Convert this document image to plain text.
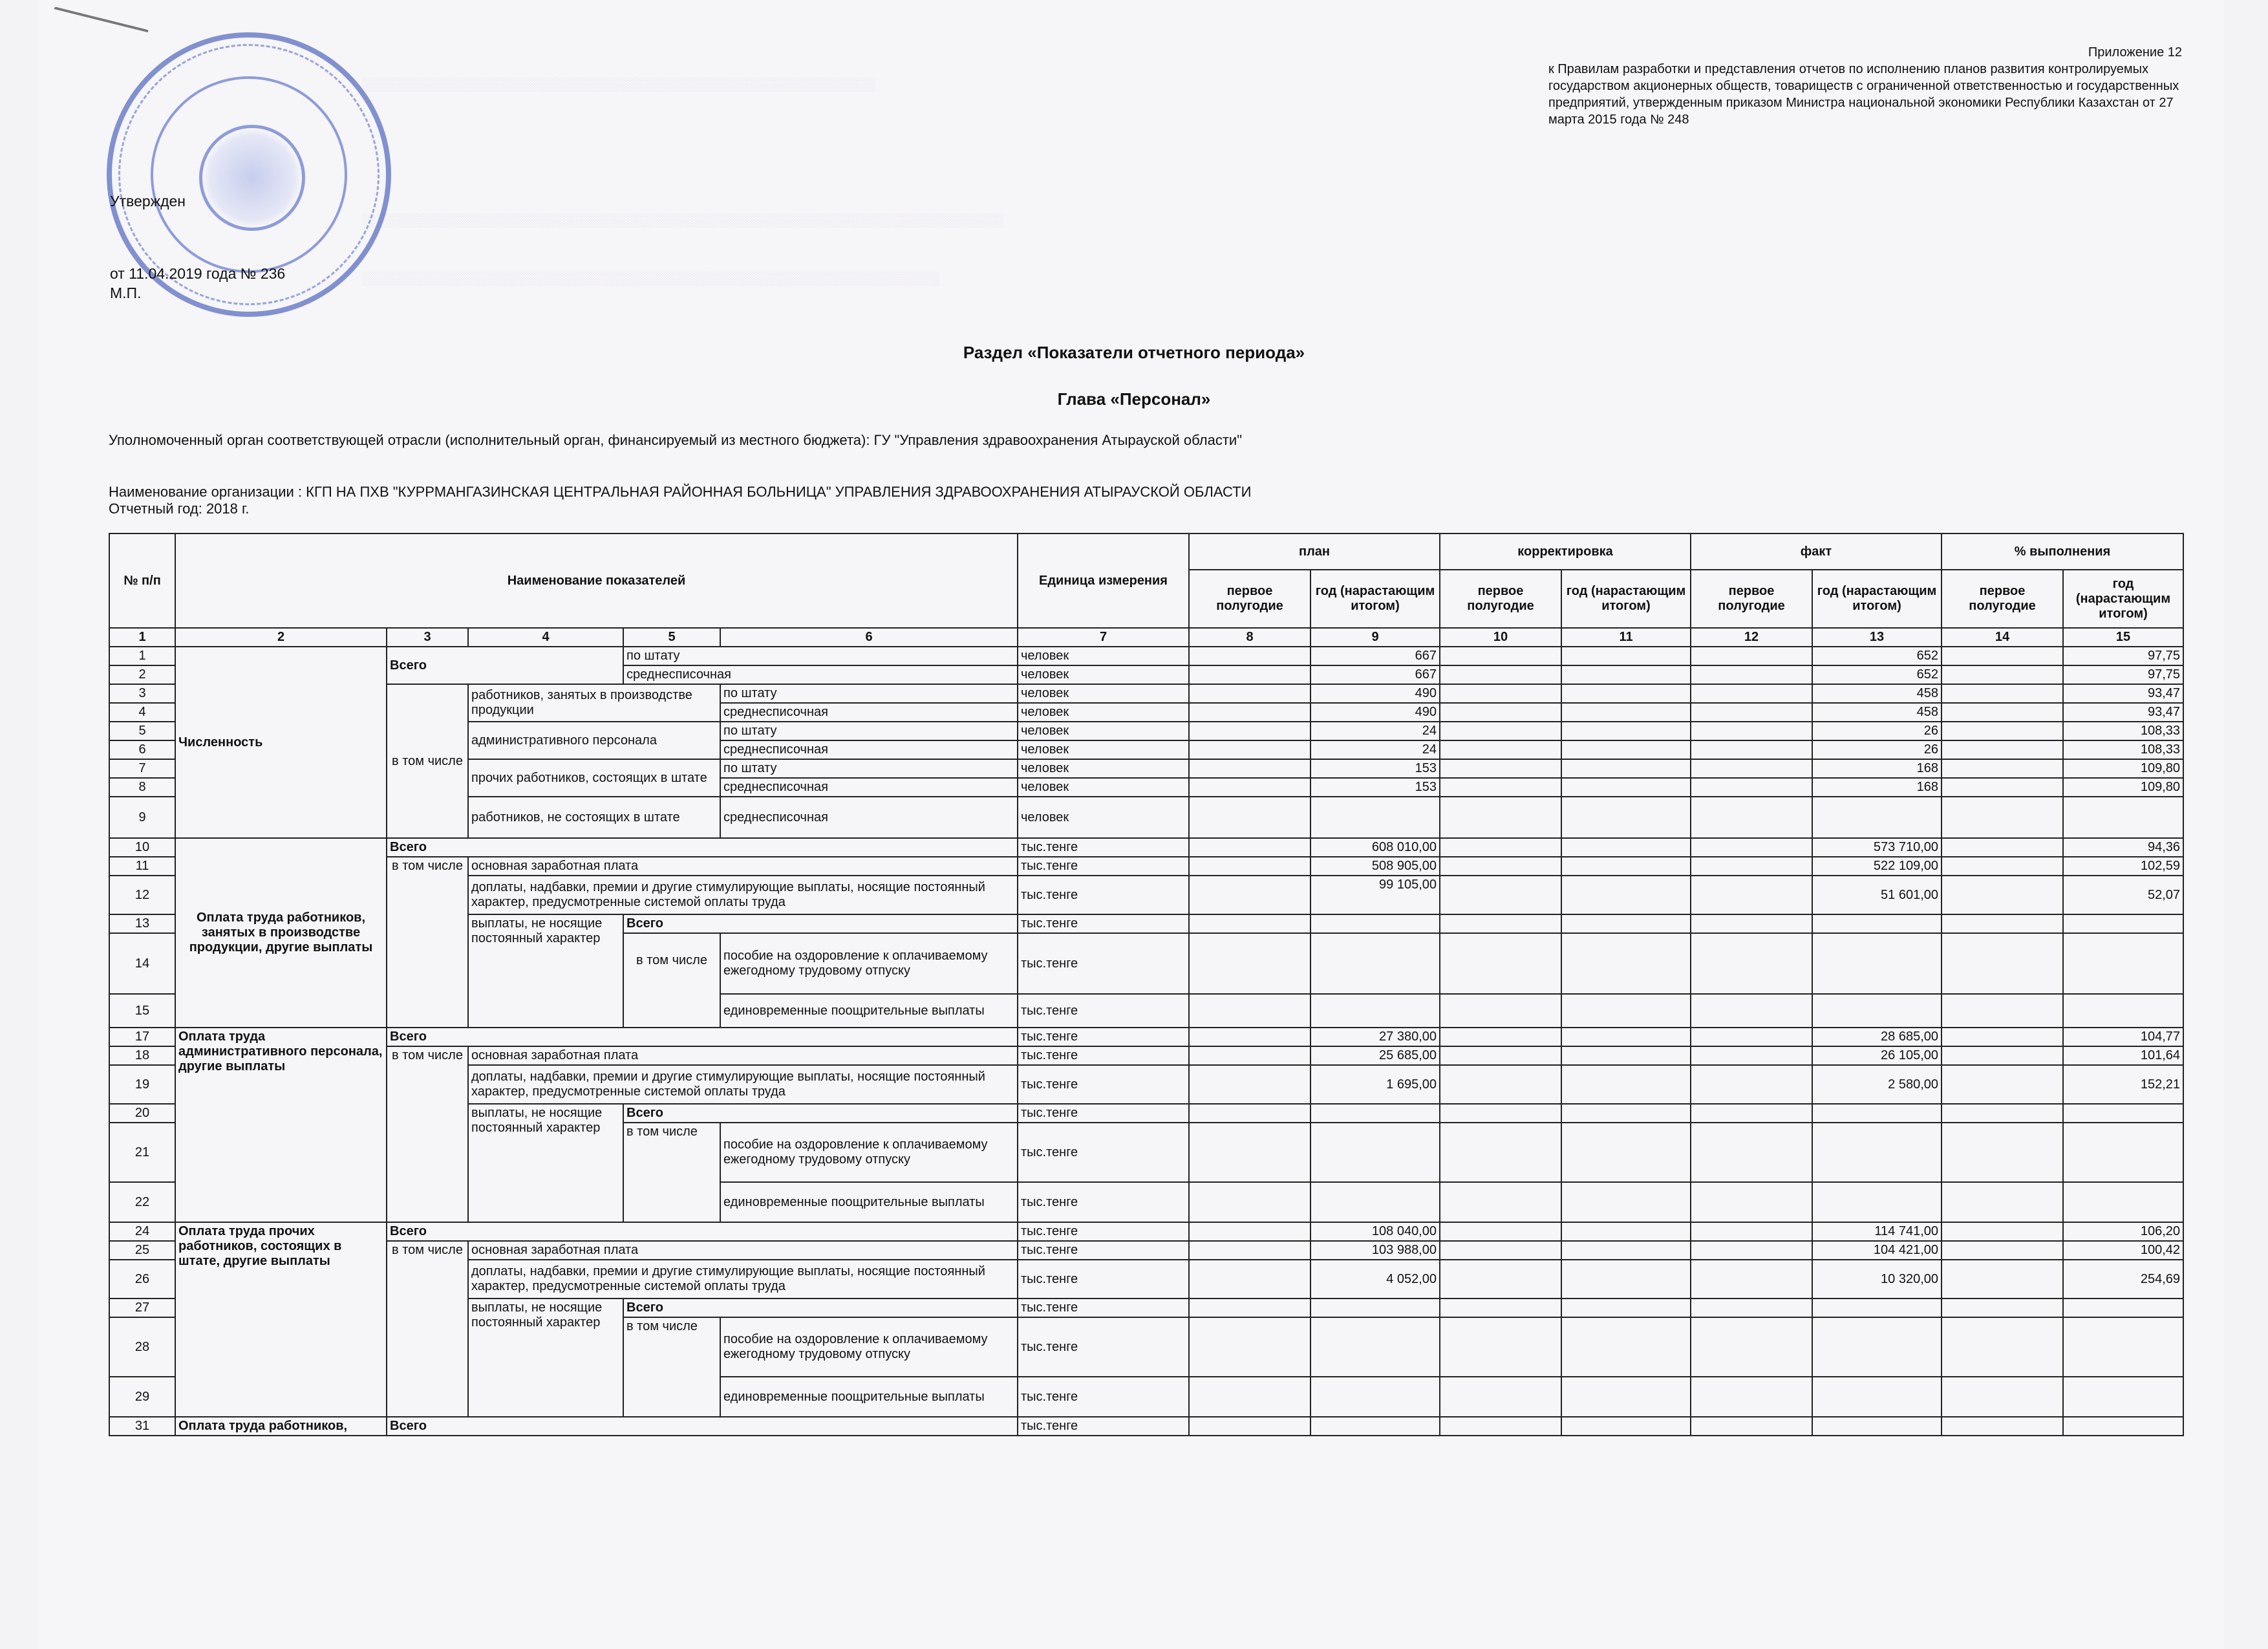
░░░░░░░░░░░░░░░░░░░░░░░░░░░░░░░░░░░░░░░░░░░░░░░░░░░░░░░░
░░░░░░░░░░░░░░░░░░░░░░░░░░░░░░░░░░░░░░░░░░░░░░░░░░░░░░░░░░░░░░░░░░░░░░
░░░░░░░░░░░░░░░░░░░░░░░░░░░░░░░░░░░░░░░░░░░░░░░░░░░░░░░░░░░░░░░
Утвержден
от 11.04.2019 года № 236
М.П.
Приложение 12
к Правилам разработки и представления отчетов по исполнению планов развития контролируемых государством акционерных обществ, товариществ с ограниченной ответственностью и государственных предприятий, утвержденным приказом Министра национальной экономики Республики Казахстан от 27 марта 2015 года № 248
Раздел «Показатели отчетного периода»
Глава «Персонал»
Уполномоченный орган соответствующей отрасли (исполнительный орган, финансируемый из местного бюджета): ГУ "Управления здравоохранения Атырауской области"
Наименование организации : КГП НА ПХВ "КУРРМАНГАЗИНСКАЯ ЦЕНТРАЛЬНАЯ РАЙОННАЯ БОЛЬНИЦА" УПРАВЛЕНИЯ ЗДРАВООХРАНЕНИЯ АТЫРАУСКОЙ ОБЛАСТИ
Отчетный год: 2018 г.
№ п/п	Наименование показателей					Единица измерения	план		корректировка		факт		% выполнения	
							первое полугодие	год (нарастающим итогом)	первое полугодие	год (нарастающим итогом)	первое полугодие	год (нарастающим итогом)	первое полугодие	год (нарастающим итогом)
1	2	3	4	5	6	7	8	9	10	11	12	13	14	15
1	Численность	Всего		по штату		человек		667				652		97,75
2				среднесписочная		человек		667				652		97,75
3		в том числе	работников, занятых в производстве продукции		по штату	человек		490				458		93,47
4					среднесписочная	человек		490				458		93,47
5			административного персонала		по штату	человек		24				26		108,33
6					среднесписочная	человек		24				26		108,33
7			прочих работников, состоящих в штате		по штату	человек		153				168		109,80
8					среднесписочная	человек		153				168		109,80
9			работников, не состоящих в штате		среднесписочная	человек								
10	Оплата труда работников, занятых в производстве продукции, другие выплаты	Всего				тыс.тенге		608 010,00				573 710,00		94,36
11		в том числе	основная заработная плата			тыс.тенге		508 905,00				522 109,00		102,59
12			доплаты, надбавки, премии и другие стимулирующие выплаты, носящие постоянный характер, предусмотренные системой оплаты труда			тыс.тенге		99 105,00				51 601,00		52,07
13			выплаты, не носящие постоянный характер	Всего		тыс.тенге								
14				в том числе	пособие на оздоровление к оплачиваемому ежегодному трудовому отпуску	тыс.тенге								
15					единовременные поощрительные выплаты	тыс.тенге								
17	Оплата труда административного персонала, другие выплаты	Всего				тыс.тенге		27 380,00				28 685,00		104,77
18		в том числе	основная заработная плата			тыс.тенге		25 685,00				26 105,00		101,64
19			доплаты, надбавки, премии и другие стимулирующие выплаты, носящие постоянный характер, предусмотренные системой оплаты труда			тыс.тенге		1 695,00				2 580,00		152,21
20			выплаты, не носящие постоянный характер	Всего		тыс.тенге								
21				в том числе	пособие на оздоровление к оплачиваемому ежегодному трудовому отпуску	тыс.тенге								
22					единовременные поощрительные выплаты	тыс.тенге								
24	Оплата труда прочих работников, состоящих в штате, другие выплаты	Всего				тыс.тенге		108 040,00				114 741,00		106,20
25		в том числе	основная заработная плата			тыс.тенге		103 988,00				104 421,00		100,42
26			доплаты, надбавки, премии и другие стимулирующие выплаты, носящие постоянный характер, предусмотренные системой оплаты труда			тыс.тенге		4 052,00				10 320,00		254,69
27			выплаты, не носящие постоянный характер	Всего		тыс.тенге								
28				в том числе	пособие на оздоровление к оплачиваемому ежегодному трудовому отпуску	тыс.тенге								
29					единовременные поощрительные выплаты	тыс.тенге								
31	Оплата труда работников,	Всего				тыс.тенге								
